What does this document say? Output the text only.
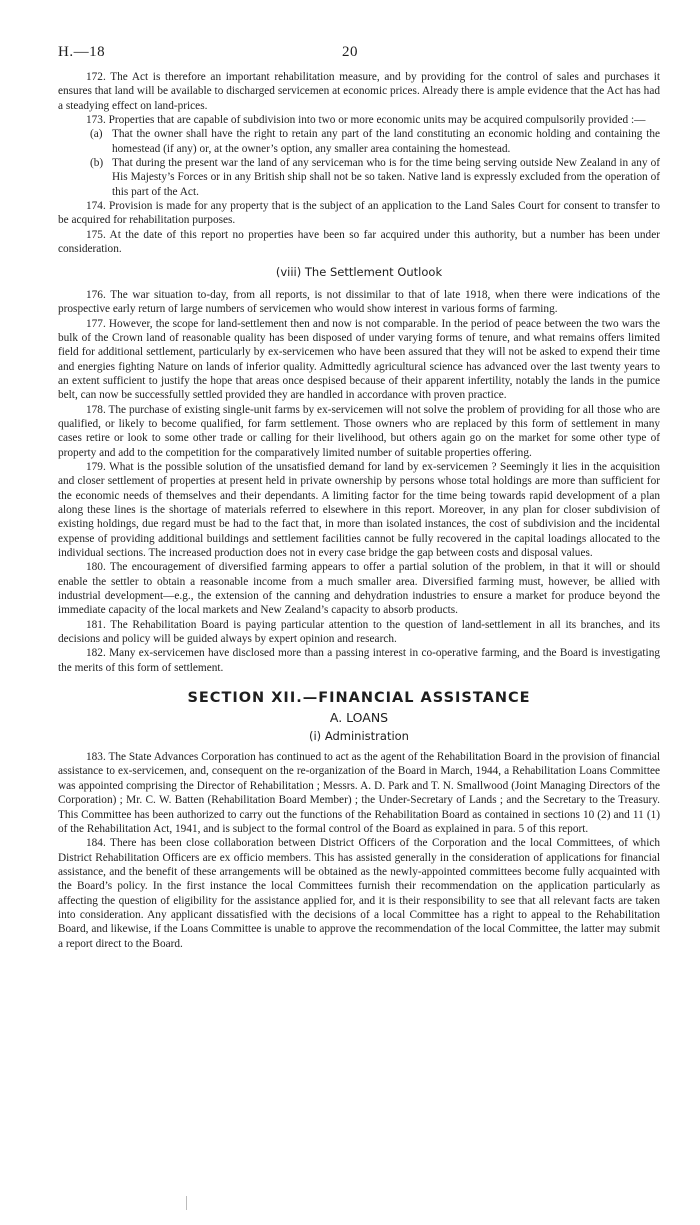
H.—18	20

172. The Act is therefore an important rehabilitation measure, and by providing for the control of sales and purchases it ensures that land will be available to discharged servicemen at economic prices. Already there is ample evidence that the Act has had a steadying effect on land-prices.

173. Properties that are capable of subdivision into two or more economic units may be acquired compulsorily provided :—

(a) That the owner shall have the right to retain any part of the land constituting an economic holding and containing the homestead (if any) or, at the owner’s option, any smaller area containing the homestead.

(b) That during the present war the land of any serviceman who is for the time being serving outside New Zealand in any of His Majesty’s Forces or in any British ship shall not be so taken. Native land is expressly excluded from the operation of this part of the Act.

174. Provision is made for any property that is the subject of an application to the Land Sales Court for consent to transfer to be acquired for rehabilitation purposes.

175. At the date of this report no properties have been so far acquired under this authority, but a number has been under consideration.

(viii) The Settlement Outlook

176. The war situation to-day, from all reports, is not dissimilar to that of late 1918, when there were indications of the prospective early return of large numbers of servicemen who would show interest in various forms of farming.

177. However, the scope for land-settlement then and now is not comparable. In the period of peace between the two wars the bulk of the Crown land of reasonable quality has been disposed of under varying forms of tenure, and what remains offers limited field for additional settlement, particularly by ex-servicemen who have been assured that they will not be asked to expend their time and energies fighting Nature on lands of inferior quality. Admittedly agricultural science has advanced over the last twenty years to an extent sufficient to justify the hope that areas once despised because of their apparent infertility, notably the lands in the pumice belt, can now be successfully settled provided they are handled in accordance with proven practice.

178. The purchase of existing single-unit farms by ex-servicemen will not solve the problem of providing for all those who are qualified, or likely to become qualified, for farm settlement. Those owners who are replaced by this form of settlement in many cases retire or look to some other trade or calling for their livelihood, but others again go on the market for some other type of property and add to the competition for the comparatively limited number of suitable properties offering.

179. What is the possible solution of the unsatisfied demand for land by ex-servicemen ? Seemingly it lies in the acquisition and closer settlement of properties at present held in private ownership by persons whose total holdings are more than sufficient for the economic needs of themselves and their dependants. A limiting factor for the time being towards rapid development of a plan along these lines is the shortage of materials referred to elsewhere in this report. Moreover, in any plan for closer subdivision of existing holdings, due regard must be had to the fact that, in more than isolated instances, the cost of subdivision and the incidental expense of providing additional buildings and settlement facilities cannot be fully recovered in the capital loadings allocated to the individual sections. The increased production does not in every case bridge the gap between costs and disposal values.

180. The encouragement of diversified farming appears to offer a partial solution of the problem, in that it will or should enable the settler to obtain a reasonable income from a much smaller area. Diversified farming must, however, be allied with industrial development—e.g., the extension of the canning and dehydration industries to ensure a market for produce beyond the immediate capacity of the local markets and New Zealand’s capacity to absorb products.

181. The Rehabilitation Board is paying particular attention to the question of land-settlement in all its branches, and its decisions and policy will be guided always by expert opinion and research.

182. Many ex-servicemen have disclosed more than a passing interest in co-operative farming, and the Board is investigating the merits of this form of settlement.

SECTION XII.—FINANCIAL ASSISTANCE
A. LOANS
(i) Administration

183. The State Advances Corporation has continued to act as the agent of the Rehabilitation Board in the provision of financial assistance to ex-servicemen, and, consequent on the re-organization of the Board in March, 1944, a Rehabilitation Loans Committee was appointed comprising the Director of Rehabilitation ; Messrs. A. D. Park and T. N. Smallwood (Joint Managing Directors of the Corporation) ; Mr. C. W. Batten (Rehabilitation Board Member) ; the Under-Secretary of Lands ; and the Secretary to the Treasury. This Committee has been authorized to carry out the functions of the Rehabilitation Board as contained in sections 10 (2) and 11 (1) of the Rehabilitation Act, 1941, and is subject to the formal control of the Board as explained in para. 5 of this report.

184. There has been close collaboration between District Officers of the Corporation and the local Committees, of which District Rehabilitation Officers are ex officio members. This has assisted generally in the consideration of applications for financial assistance, and the benefit of these arrangements will be obtained as the newly-appointed committees become fully acquainted with the Board’s policy. In the first instance the local Committees furnish their recommendation on the application particularly as affecting the question of eligibility for the assistance applied for, and it is their responsibility to see that all relevant facts are taken into consideration. Any applicant dissatisfied with the decisions of a local Committee has a right to appeal to the Rehabilitation Board, and likewise, if the Loans Committee is unable to approve the recommendation of the local Committee, the latter may submit a report direct to the Board.
